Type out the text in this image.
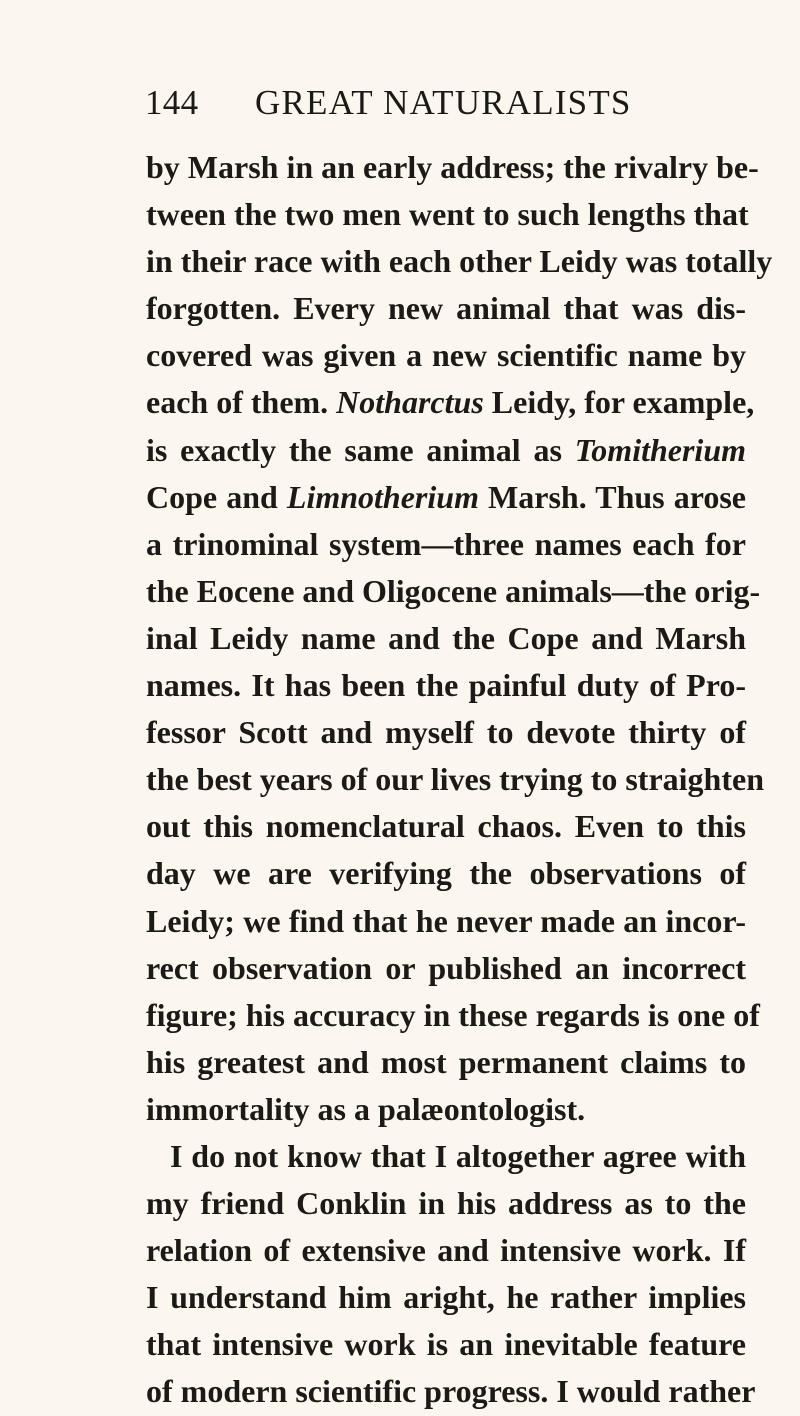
144 GREAT NATURALISTS
by Marsh in an early address; the rivalry be-
tween the two men went to such lengths that
in their race with each other Leidy was totally
forgotten. Every new animal that was dis-
covered was given a new scientific name by
each of them. Notharctus Leidy, for example,
is exactly the same animal as Tomitherium
Cope and Limnotherium Marsh. Thus arose
a trinominal system—three names each for
the Eocene and Oligocene animals—the orig-
inal Leidy name and the Cope and Marsh
names. It has been the painful duty of Pro-
fessor Scott and myself to devote thirty of
the best years of our lives trying to straighten
out this nomenclatural chaos. Even to this
day we are verifying the observations of
Leidy; we find that he never made an incor-
rect observation or published an incorrect
figure; his accuracy in these regards is one of
his greatest and most permanent claims to
immortality as a palæontologist.
I do not know that I altogether agree with
my friend Conklin in his address as to the
relation of extensive and intensive work. If
I understand him aright, he rather implies
that intensive work is an inevitable feature
of modern scientific progress. I would rather
